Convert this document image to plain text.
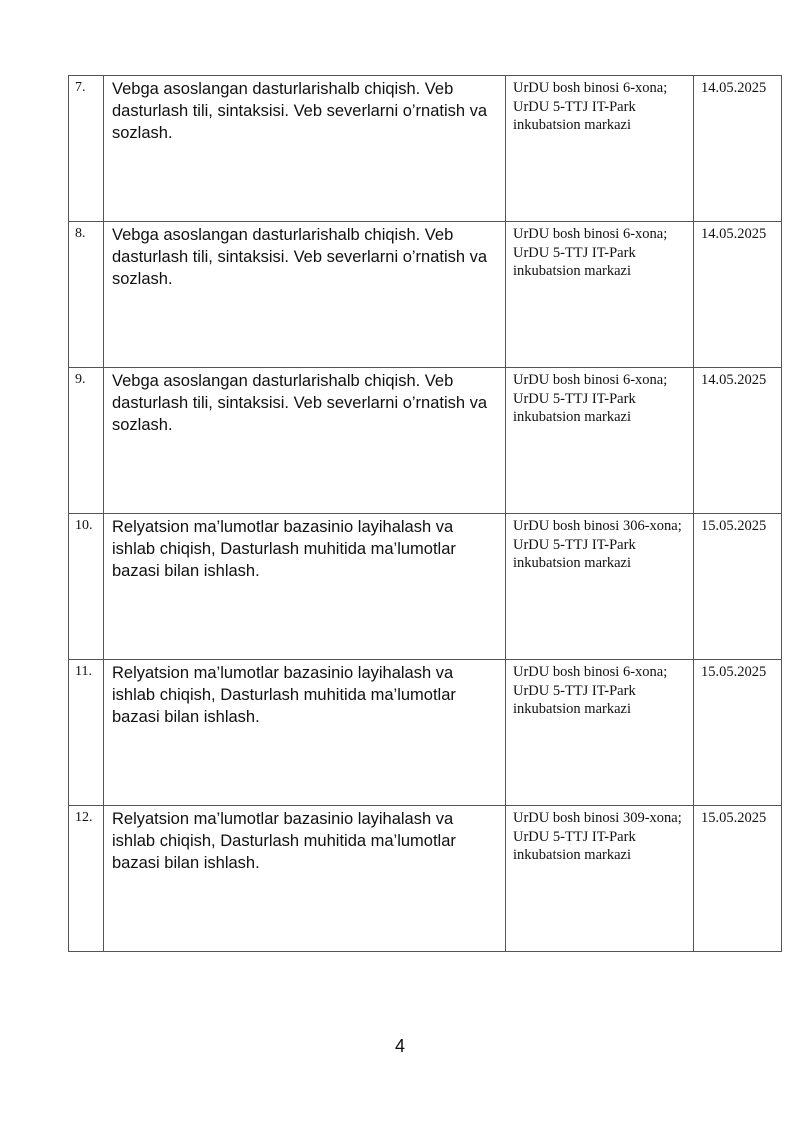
7.	Vebga asoslangan dasturlarishalb chiqish. Veb dasturlash tili, sintaksisi. Veb severlarni o’rnatish va sozlash.	UrDU bosh binosi 6-xona;
UrDU 5-TTJ IT-Park inkubatsion markazi	14.05.2025

8.	Vebga asoslangan dasturlarishalb chiqish. Veb dasturlash tili, sintaksisi. Veb severlarni o’rnatish va sozlash.	UrDU bosh binosi 6-xona;
UrDU 5-TTJ IT-Park inkubatsion markazi	14.05.2025

9.	Vebga asoslangan dasturlarishalb chiqish. Veb dasturlash tili, sintaksisi. Veb severlarni o’rnatish va sozlash.	UrDU bosh binosi 6-xona;
UrDU 5-TTJ IT-Park inkubatsion markazi	14.05.2025

10.	Relyatsion ma’lumotlar bazasinio layihalash va ishlab chiqish, Dasturlash muhitida ma’lumotlar bazasi bilan ishlash.	UrDU bosh binosi 306-xona;
UrDU 5-TTJ IT-Park inkubatsion markazi	15.05.2025

11.	Relyatsion ma’lumotlar bazasinio layihalash va ishlab chiqish, Dasturlash muhitida ma’lumotlar bazasi bilan ishlash.	UrDU bosh binosi 6-xona;
UrDU 5-TTJ IT-Park inkubatsion markazi	15.05.2025

12.	Relyatsion ma’lumotlar bazasinio layihalash va ishlab chiqish, Dasturlash muhitida ma’lumotlar bazasi bilan ishlash.	UrDU bosh binosi 309-xona;
UrDU 5-TTJ IT-Park inkubatsion markazi	15.05.2025
4
